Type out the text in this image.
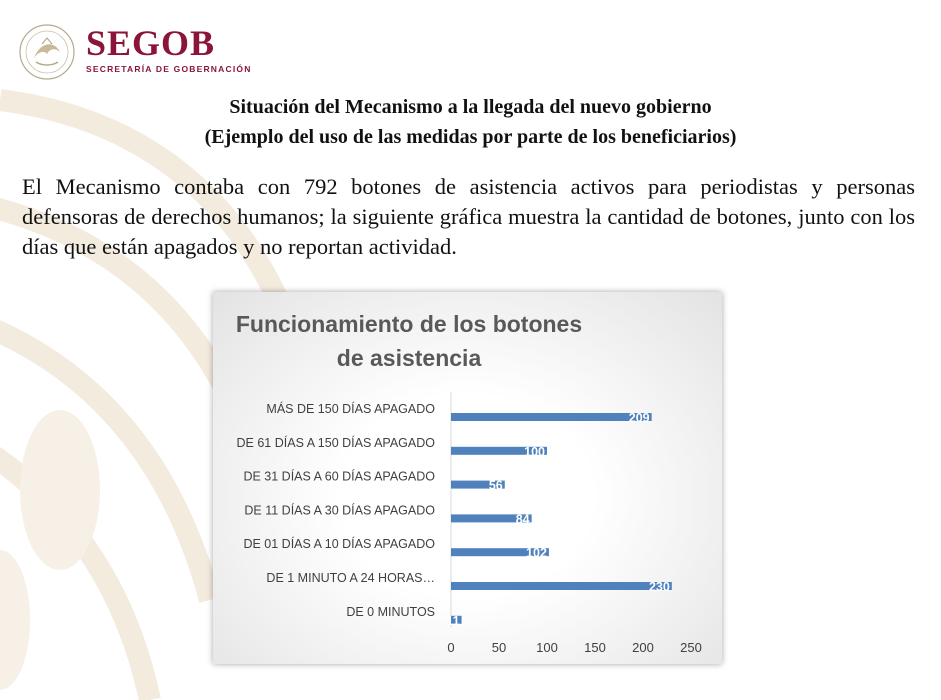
SEGOB
SECRETARÍA DE GOBERNACIÓN
Situación del Mecanismo a la llegada del nuevo gobierno
(Ejemplo del uso de las medidas por parte de los beneficiarios)
El Mecanismo contaba con 792 botones de asistencia activos para periodistas y personas defensoras de derechos humanos; la siguiente gráfica muestra la cantidad de botones, junto con los días que están apagados y no reportan actividad.
Funcionamiento de los botones
de asistencia
MÁS DE 150 DÍAS APAGADO
209
DE 61 DÍAS A 150 DÍAS APAGADO
100
DE 31 DÍAS A 60 DÍAS APAGADO
56
DE 11 DÍAS A 30 DÍAS APAGADO
84
DE 01 DÍAS A 10 DÍAS APAGADO
102
DE 1 MINUTO A 24 HORAS…
230
DE 0 MINUTOS
11
0	50 100 150 200 250
